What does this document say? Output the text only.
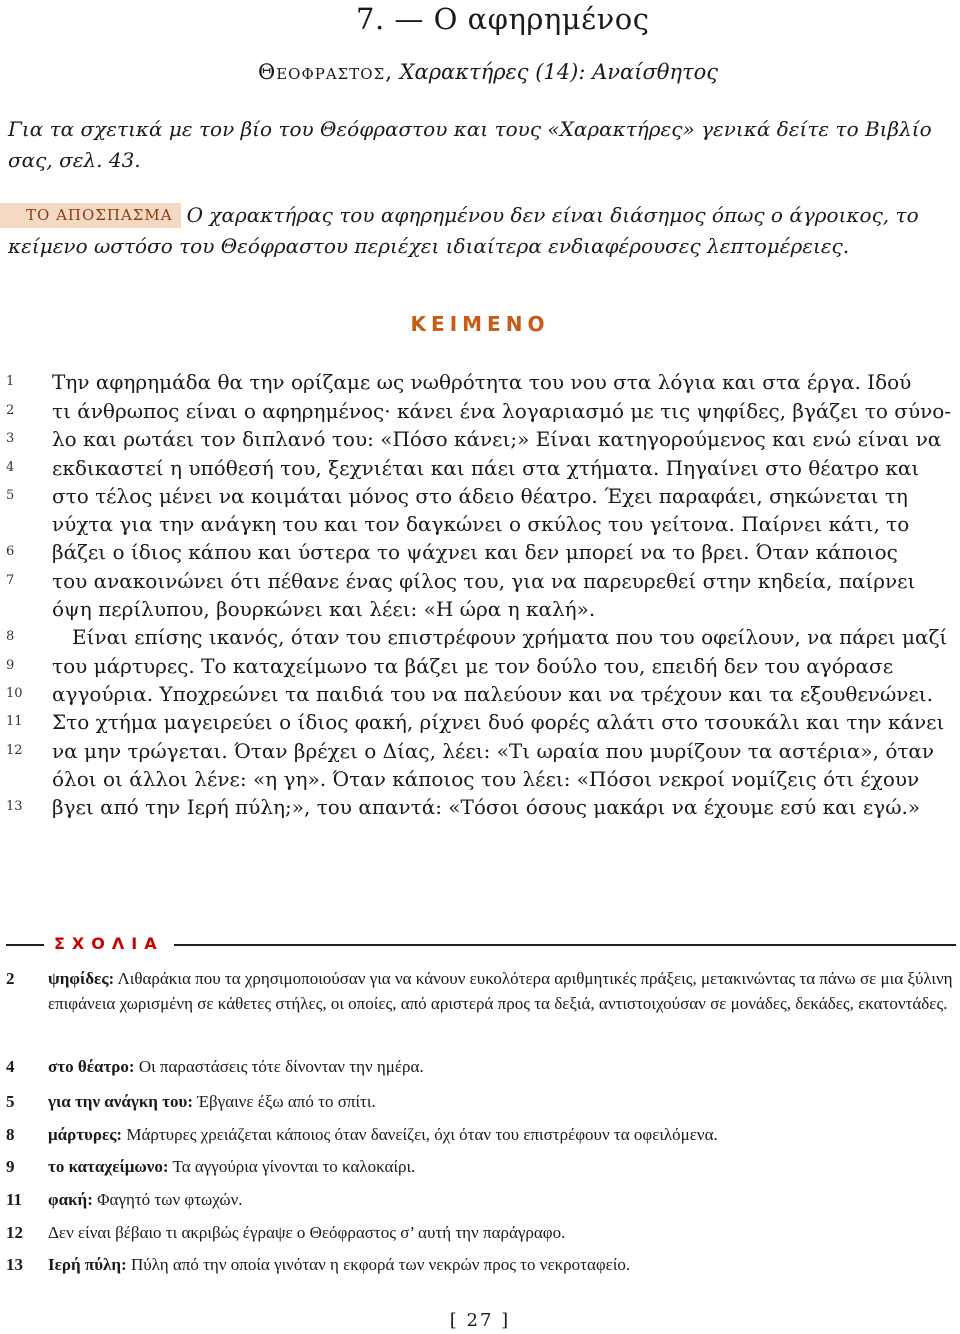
7. — Ο αφηρημένος
Θεοφραστοσ, Χαρακτήρες (14): Αναίσθητος
Για τα σχετικά με τον βίο του Θεόφραστου και τους «Χαρακτήρες» γενικά δείτε το Βιβλίο σας, σελ. 43.
ΤΟ ΑΠΟΣΠΑΣΜΑ Ο χαρακτήρας του αφηρημένου δεν είναι διάσημος όπως ο άγροικος, το κείμενο ωστόσο του Θεόφραστου περιέχει ιδιαίτερα ενδιαφέρουσες λεπτομέρειες.
ΚΕΙΜΕΝΟ
1	Την αφηρημάδα θα την ορίζαμε ως νωθρότητα του νου στα λόγια και στα έργα. Ιδού
2	τι άνθρωπος είναι ο αφηρημένος· κάνει ένα λογαριασμό με τις ψηφίδες, βγάζει το σύνο-
3	λο και ρωτάει τον διπλανό του: «Πόσο κάνει;» Είναι κατηγορούμενος και ενώ είναι να
4	εκδικαστεί η υπόθεσή του, ξεχνιέται και πάει στα χτήματα. Πηγαίνει στο θέατρο και
5	στο τέλος μένει να κοιμάται μόνος στο άδειο θέατρο. Έχει παραφάει, σηκώνεται τη
νύχτα για την ανάγκη του και τον δαγκώνει ο σκύλος του γείτονα. Παίρνει κάτι, το
6	βάζει ο ίδιος κάπου και ύστερα το ψάχνει και δεν μπορεί να το βρει. Όταν κάποιος
7	του ανακοινώνει ότι πέθανε ένας φίλος του, για να παρευρεθεί στην κηδεία, παίρνει
όψη περίλυπου, βουρκώνει και λέει: «Η ώρα η καλή».
8	Είναι επίσης ικανός, όταν του επιστρέφουν χρήματα που του οφείλουν, να πάρει μαζί
9	του μάρτυρες. Το καταχείμωνο τα βάζει με τον δούλο του, επειδή δεν του αγόρασε
10 αγγούρια. Υποχρεώνει τα παιδιά του να παλεύουν και να τρέχουν και τα εξουθενώνει.
11 Στο χτήμα μαγειρεύει ο ίδιος φακή, ρίχνει δυό φορές αλάτι στο τσουκάλι και την κάνει
12 να μην τρώγεται. Όταν βρέχει ο Δίας, λέει: «Τι ωραία που μυρίζουν τα αστέρια», όταν
όλοι οι άλλοι λένε: «η γη». Όταν κάποιος του λέει: «Πόσοι νεκροί νομίζεις ότι έχουν
13 βγει από την Ιερή πύλη;», του απαντά: «Τόσοι όσους μακάρι να έχουμε εσύ και εγώ.»
ΣΧΟΛΙΑ
2 ψηφίδες: Λιθαράκια που τα χρησιμοποιούσαν για να κάνουν ευκολότερα αριθμητικές πράξεις, μετακινώντας τα πάνω σε μια ξύλινη επιφάνεια χωρισμένη σε κάθετες στήλες, οι οποίες, από αριστερά προς τα δεξιά, αντιστοιχούσαν σε μονάδες, δεκάδες, εκατοντάδες.
4 στο θέατρο: Οι παραστάσεις τότε δίνονταν την ημέρα.
5 για την ανάγκη του: Έβγαινε έξω από το σπίτι.
8 μάρτυρες: Μάρτυρες χρειάζεται κάποιος όταν δανείζει, όχι όταν του επιστρέφουν τα οφειλόμενα.
9 το καταχείμωνο: Τα αγγούρια γίνονται το καλοκαίρι.
11 φακή: Φαγητό των φτωχών.
12 Δεν είναι βέβαιο τι ακριβώς έγραψε ο Θεόφραστος σ’ αυτή την παράγραφο.
13 Ιερή πύλη: Πύλη από την οποία γινόταν η εκφορά των νεκρών προς το νεκροταφείο.
[ 27 ]
